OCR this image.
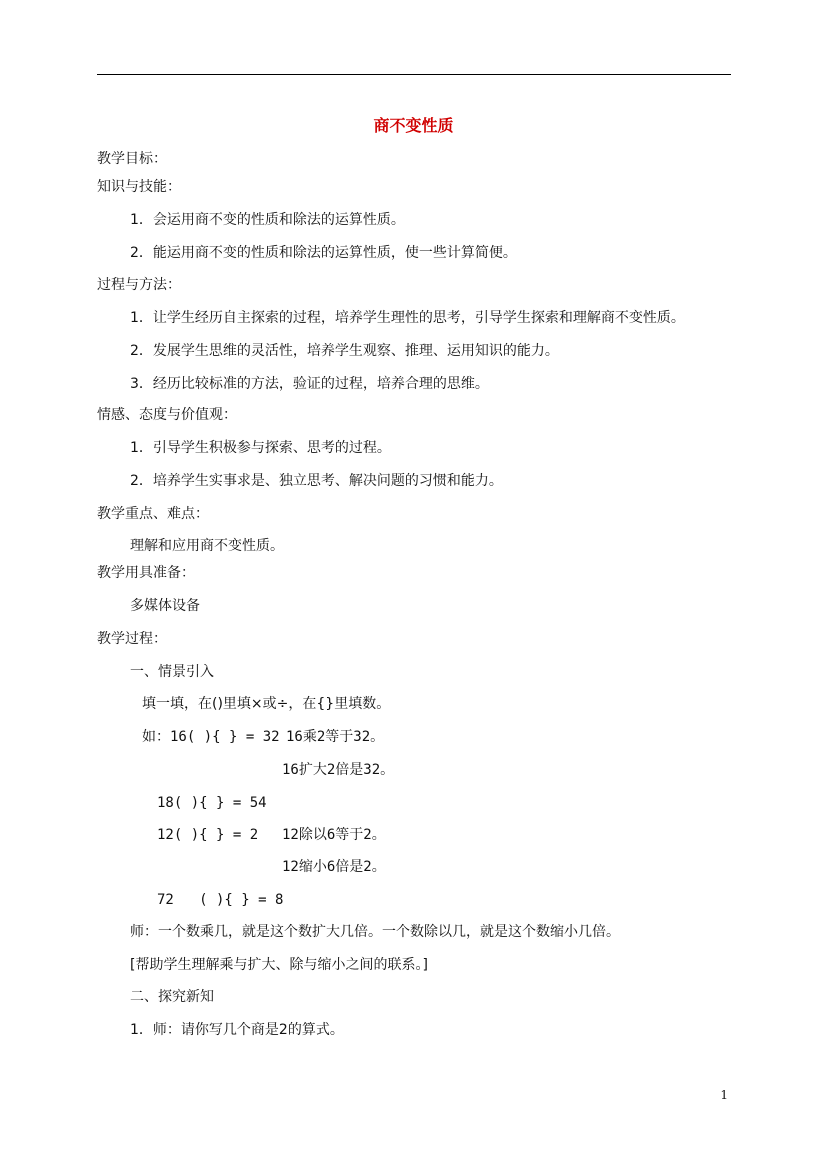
商不变性质
教学目标：
知识与技能：
1．会运用商不变的性质和除法的运算性质。
2．能运用商不变的性质和除法的运算性质，使一些计算简便。
过程与方法：
1．让学生经历自主探索的过程，培养学生理性的思考，引导学生探索和理解商不变性质。
2．发展学生思维的灵活性，培养学生观察、推理、运用知识的能力。
3．经历比较标准的方法，验证的过程，培养合理的思维。
情感、态度与价值观：
1．引导学生积极参与探索、思考的过程。
2．培养学生实事求是、独立思考、解决问题的习惯和能力。
教学重点、难点：
理解和应用商不变性质。
教学用具准备：
多媒体设备
教学过程：
一、情景引入
填一填，在()里填×或÷，在{}里填数。
如：16( ){ } = 32 16乘2等于32。
16扩大2倍是32。
18( ){ } = 54
12( ){ } = 2 12除以6等于2。
12缩小6倍是2。
72   ( ){ } = 8
师：一个数乘几，就是这个数扩大几倍。一个数除以几，就是这个数缩小几倍。
[帮助学生理解乘与扩大、除与缩小之间的联系。]
二、探究新知
1．师：请你写几个商是2的算式。
1
